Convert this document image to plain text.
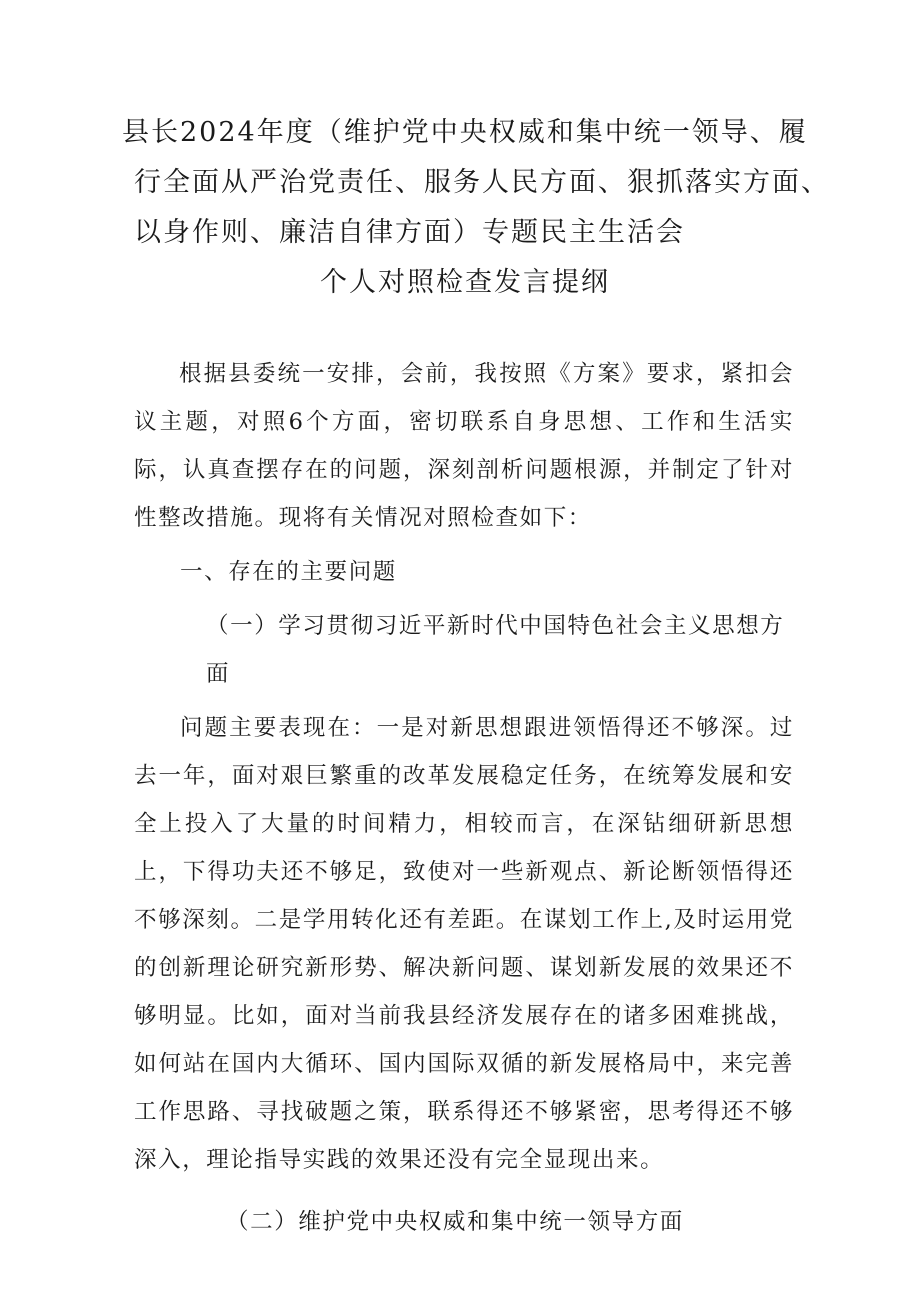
县长2024年度（维护党中央权威和集中统一领导、履
行全面从严治党责任、服务人民方面、狠抓落实方面、
以身作则、廉洁自律方面）专题民主生活会
个人对照检查发言提纲

根据县委统一安排，会前，我按照《方案》要求，紧扣会议主题，对照6个方面，密切联系自身思想、工作和生活实际，认真查摆存在的问题，深刻剖析问题根源，并制定了针对性整改措施。现将有关情况对照检查如下：

一、存在的主要问题

（一）学习贯彻习近平新时代中国特色社会主义思想方面

问题主要表现在：一是对新思想跟进领悟得还不够深。过去一年，面对艰巨繁重的改革发展稳定任务，在统筹发展和安全上投入了大量的时间精力，相较而言，在深钻细研新思想上，下得功夫还不够足，致使对一些新观点、新论断领悟得还不够深刻。二是学用转化还有差距。在谋划工作上,及时运用党的创新理论研究新形势、解决新问题、谋划新发展的效果还不够明显。比如，面对当前我县经济发展存在的诸多困难挑战，如何站在国内大循环、国内国际双循的新发展格局中，来完善工作思路、寻找破题之策，联系得还不够紧密，思考得还不够深入，理论指导实践的效果还没有完全显现出来。

（二）维护党中央权威和集中统一领导方面
